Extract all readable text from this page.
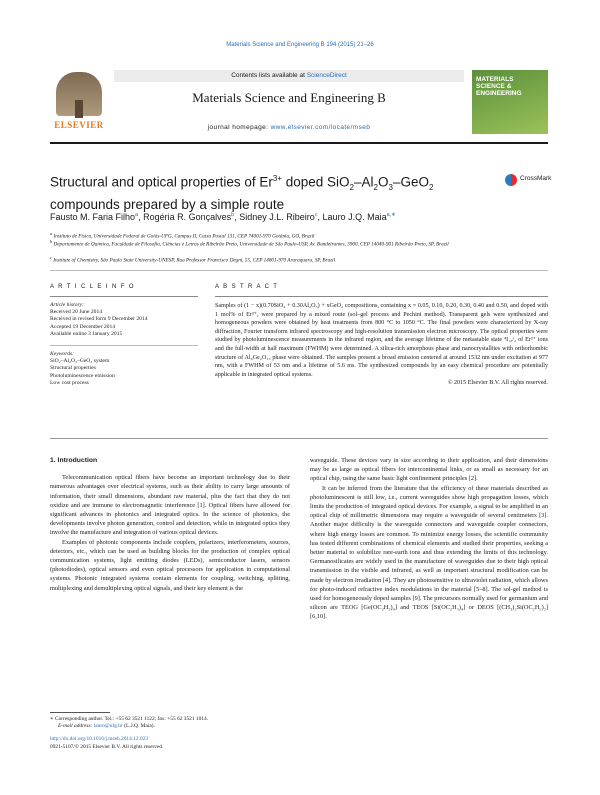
Materials Science and Engineering B 194 (2015) 21–26
ELSEVIER
Contents lists available at ScienceDirect
Materials Science and Engineering B
journal homepage: www.elsevier.com/locate/mseb
MATERIALS SCIENCE & ENGINEERING
Structural and optical properties of $Er^{3+}$ doped $SiO_2-Al_2O_3-GeO_2$
compounds prepared by a simple route
CrossMark
Fausto M. Faria Filho$^a$, Rogéria R. Gonçalves$^b$, Sidney J.L. Ribeiro$^c$, Lauro J.Q. Maia$^{a,∗}$
$^a$ Instituto de Física, Universidade Federal de Goiás-UFG, Campus II, Caixa Postal 131, CEP 74001-970 Goiânia, GO, Brazil
$^b$ Departamento de Química, Faculdade de Filosofia, Ciências e Letras de Ribeirão Preto, Universidade de São Paulo-USP, Av. Bandeirantes, 3900, CEP 14040-901 Ribeirão Preto, SP, Brazil
$^c$ Institute of Chemistry, São Paulo State University-UNESP, Rua Professor Francisco Degni, 55, CEP 14801-970 Araraquara, SP, Brazil
A R T I C L E I N F O	A B S T R A C T
Article history:
Received 20 June 2014
Received in revised form 9 December 2014
Accepted 19 December 2014
Available online 3 January 2015
Keywords:
SiO₂–Al₂O₃–GeO₂ system
Structural properties
Photoluminescence emission
Low cost process
Samples of (1 − x)(0.70SiO₂ + 0.30Al₂O₃) + xGeO₂ compositions, containing x = 0.05, 0.10, 0.20, 0.30, 0.40 and 0.50, and doped with 1 mol% of Er³⁺, were prepared by a mixed route (sol–gel process and Pechini method). Transparent gels were synthesized and homogeneous powders were obtained by heat treatments from 800 °C to 1050 °C. The final powders were characterized by X-ray diffraction, Fourier transform infrared spectroscopy and high-resolution transmission electron microscopy. The optical properties were studied by photoluminescence measurements in the infrared region, and the average lifetime of the metastable state ⁴I₁₃/₂ of Er³⁺ ions and the full-width at half maximum (FWHM) were determined. A silica-rich amorphous phase and nanocrystallites with orthorhombic structure of Al₆Ge₂O₁₃ phase were obtained. The samples present a broad emission centered at around 1532 nm under excitation at 977 nm, with a FWHM of 53 nm and a lifetime of 5.6 ms. The synthesized compounds by an easy chemical procedure are potentially applicable in integrated optical systems.
© 2015 Elsevier B.V. All rights reserved.
1. Introduction

Telecommunication optical fibers have become an important technology due to their numerous advantages over electrical systems, such as their ability to carry large amounts of information, their small dimensions, abundant raw material, plus the fact that they do not oxidize and are immune to electromagnetic interference [1]. Optical fibers have allowed for significant advances in photonics and integrated optics. In the science of photonics, the developments involve photon generation, control and detection, while in integrated optics they involve the manufacture and integration of various optical devices.

Examples of photonic components include couplers, polarizers, interferometers, sources, detectors, etc., which can be used as building blocks for the production of complex optical communication systems, light emitting diodes (LEDs), semiconductor lasers, sensors (photodiodes), optical sensors and even optical processors for application in computational systems. Photonic integrated systems contain elements for coupling, switching, splitting, multiplexing and demultiplexing optical signals, and their key element is the

waveguide. These devices vary in size according to their application, and their dimensions may be as large as optical fibers for intercontinental links, or as small as necessary for an optical chip, using the same basic light confinement principles [2].

It can be inferred from the literature that the efficiency of these materials described as photoluminescent is still low, i.e., current waveguides show high propagation losses, which limits the production of integrated optical devices. For example, a signal to be amplified in an optical chip of millimetric dimensions may require a waveguide of several centimeters [3]. Another major difficulty is the waveguide connectors and waveguide coupler connectors, where high energy losses are common. To minimize energy losses, the scientific community has tested different combinations of chemical elements and studied their properties, seeking a better material to solubilize rare-earth ions and thus extending the limits of this technology. Germanosilicates are widely used in the manufacture of waveguides due to their high optical transmission in the visible and infrared, as well as important structural modification can be made by electron irradiation [4]. They are photosensitive to ultraviolet radiation, which allows for photo-induced refractive index modulations in the material [5–8]. The sol-gel method is used for homogeneously doped samples [9]. The precursors normally used for germanium and silicon are TEOG [Ge(OC₂H₅)₄] and TEOS [Si(OC₂H₅)₄] or DEOS [(CH₃)₂Si(OC₂H₅)₂] [6,10].

∗ Corresponding author. Tel.: +55 62 3521 1122; fax: +55 62 3521 1014.
E-mail address: lauro@ufg.br (L.J.Q. Maia).
http://dx.doi.org/10.1016/j.mseb.2014.12.023
0921-5107/© 2015 Elsevier B.V. All rights reserved.
